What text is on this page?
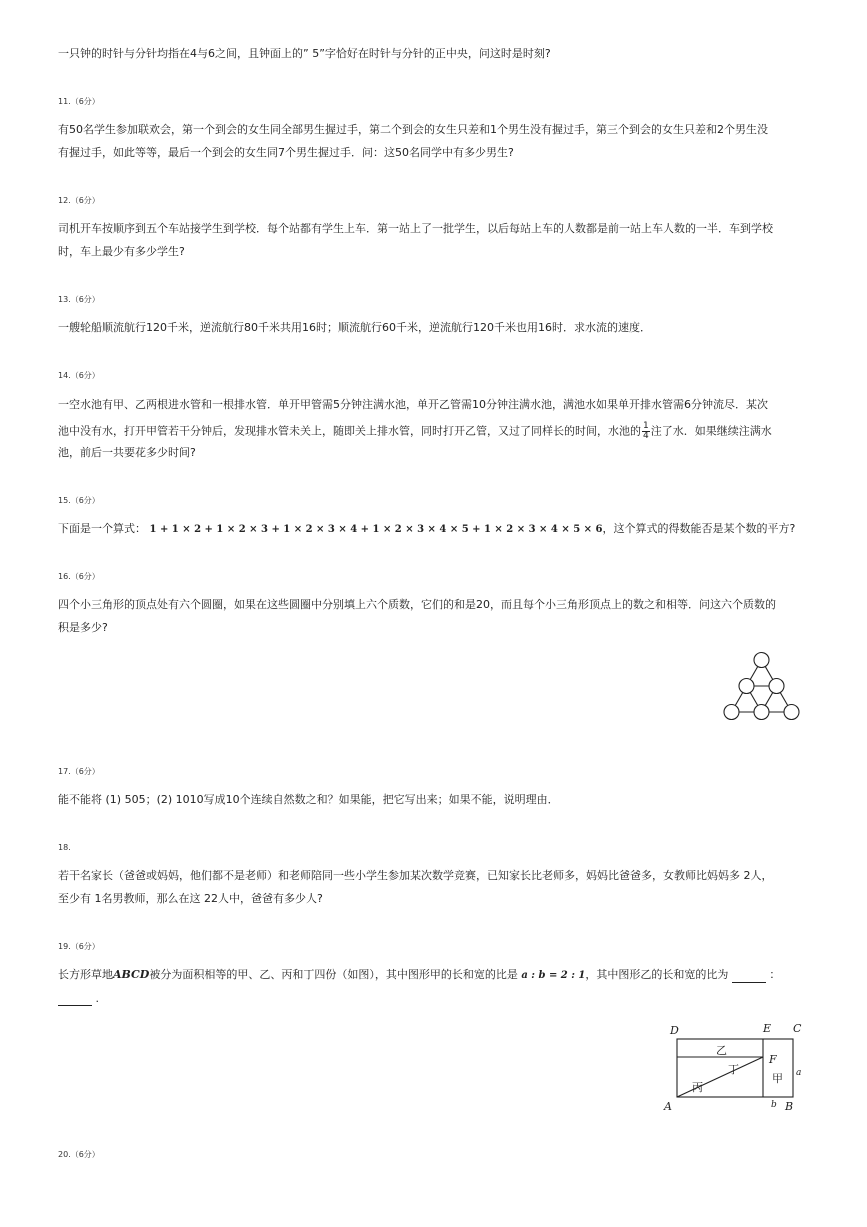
一只钟的时针与分针均指在4与6之间，且钟面上的” 5”字恰好在时针与分针的正中央，问这时是时刻?
11.（6分）
有50名学生参加联欢会，第一个到会的女生同全部男生握过手，第二个到会的女生只差和1个男生没有握过手，第三个到会的女生只差和2个男生没
有握过手，如此等等，最后一个到会的女生同7个男生握过手．问：这50名同学中有多少男生?
12.（6分）
司机开车按顺序到五个车站接学生到学校．每个站都有学生上车．第一站上了一批学生，以后每站上车的人数都是前一站上车人数的一半．车到学校
时，车上最少有多少学生?
13.（6分）
一艘轮船顺流航行120千米，逆流航行80千米共用16时；顺流航行60千米，逆流航行120千米也用16时．求水流的速度．
14.（6分）
一空水池有甲、乙两根进水管和一根排水管．单开甲管需5分钟注满水池，单开乙管需10分钟注满水池，满池水如果单开排水管需6分钟流尽．某次
池中没有水，打开甲管若干分钟后，发现排水管未关上，随即关上排水管，同时打开乙管，又过了同样长的时间，水池的 $\frac{1}{4}$ 注了水．如果继续注满水
池，前后一共要花多少时间?
15.（6分）
下面是一个算式： 1 + 1 × 2 + 1 × 2 × 3 + 1 × 2 × 3 × 4 + 1 × 2 × 3 × 4 × 5 + 1 × 2 × 3 × 4 × 5 × 6，这个算式的得数能否是某个数的平方?
16.（6分）
四个小三角形的顶点处有六个圆圈，如果在这些圆圈中分别填上六个质数，它们的和是20，而且每个小三角形顶点上的数之和相等．问这六个质数的
积是多少?
17.（6分）
能不能将 (1) 505；(2) 1010写成10个连续自然数之和？如果能，把它写出来；如果不能，说明理由．
18.
若干名家长（爸爸或妈妈，他们都不是老师）和老师陪同一些小学生参加某次数学竞赛，已知家长比老师多，妈妈比爸爸多，女教师比妈妈多 2人，
至少有 1名男教师，那么在这 22人中，爸爸有多少人?
19.（6分）
长方形草地ABCD被分为面积相等的甲、乙、丙和丁四份（如图），其中图形甲的长和宽的比是 a : b = 2 : 1，其中图形乙的长和宽的比为	：
.
D	E C
F
A	B
a
b
乙
丁
甲
丙
20.（6分）
